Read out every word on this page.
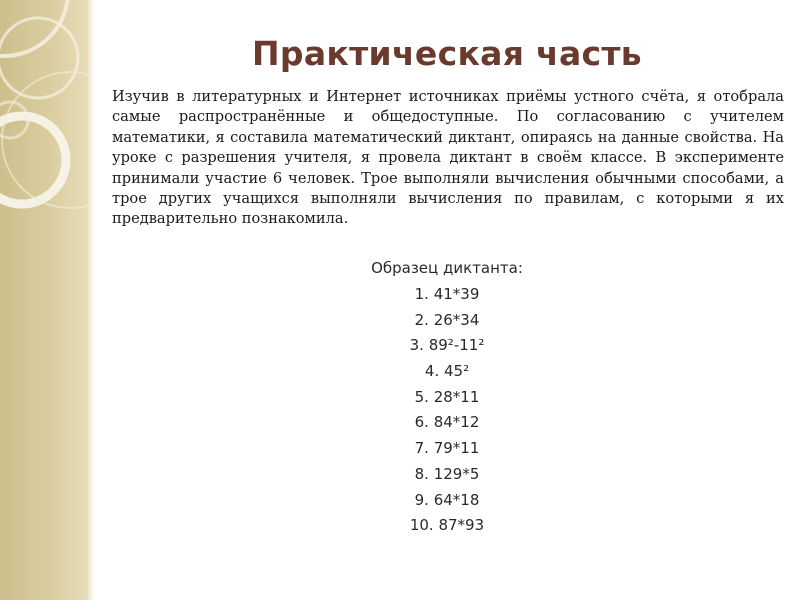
Практическая часть

Изучив в литературных и Интернет источниках приёмы устного счёта, я отобрала самые распространённые и общедоступные. По согласованию с учителем математики, я составила математический диктант, опираясь на данные свойства. На уроке с разрешения учителя, я провела диктант в своём классе. В эксперименте принимали участие 6 человек. Трое выполняли вычисления обычными способами, а трое других учащихся выполняли вычисления по правилам, с которыми я их предварительно познакомила.

Образец диктанта:

1. 41*39
2. 26*34
3. 89²-11²
4. 45²
5. 28*11
6. 84*12
7. 79*11
8. 129*5
9. 64*18
10. 87*93
